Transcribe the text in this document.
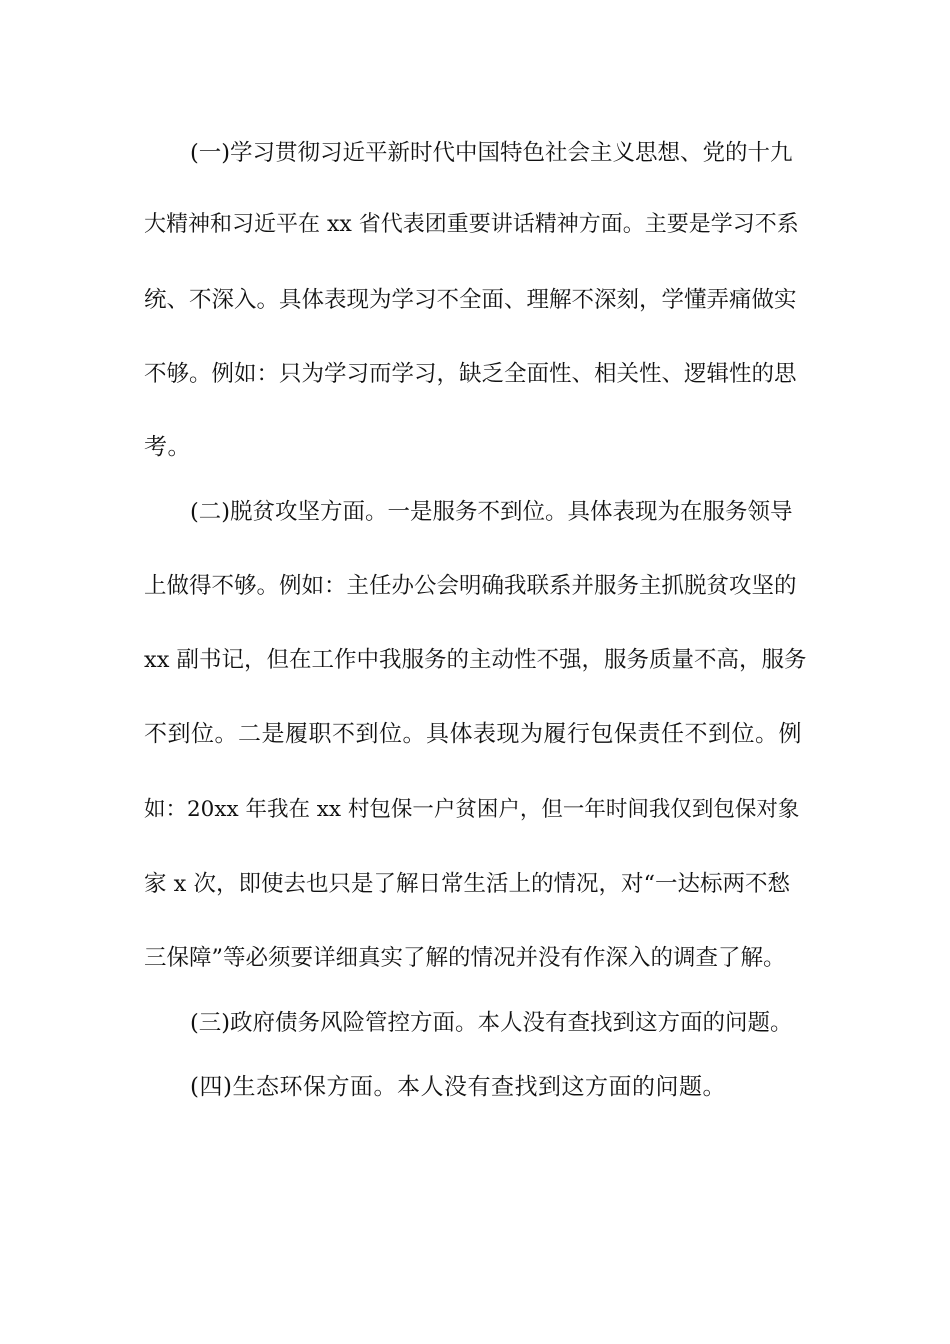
(一)学习贯彻习近平新时代中国特色社会主义思想、党的十九

大精神和习近平在 xx 省代表团重要讲话精神方面。主要是学习不系

统、不深入。具体表现为学习不全面、理解不深刻，学懂弄痛做实

不够。例如：只为学习而学习，缺乏全面性、相关性、逻辑性的思

考。

(二)脱贫攻坚方面。一是服务不到位。具体表现为在服务领导

上做得不够。例如：主任办公会明确我联系并服务主抓脱贫攻坚的

xx 副书记，但在工作中我服务的主动性不强，服务质量不高，服务

不到位。二是履职不到位。具体表现为履行包保责任不到位。例

如：20xx 年我在 xx 村包保一户贫困户，但一年时间我仅到包保对象

家 x 次，即使去也只是了解日常生活上的情况，对“一达标两不愁

三保障”等必须要详细真实了解的情况并没有作深入的调查了解。

(三)政府债务风险管控方面。本人没有查找到这方面的问题。

(四)生态环保方面。本人没有查找到这方面的问题。
